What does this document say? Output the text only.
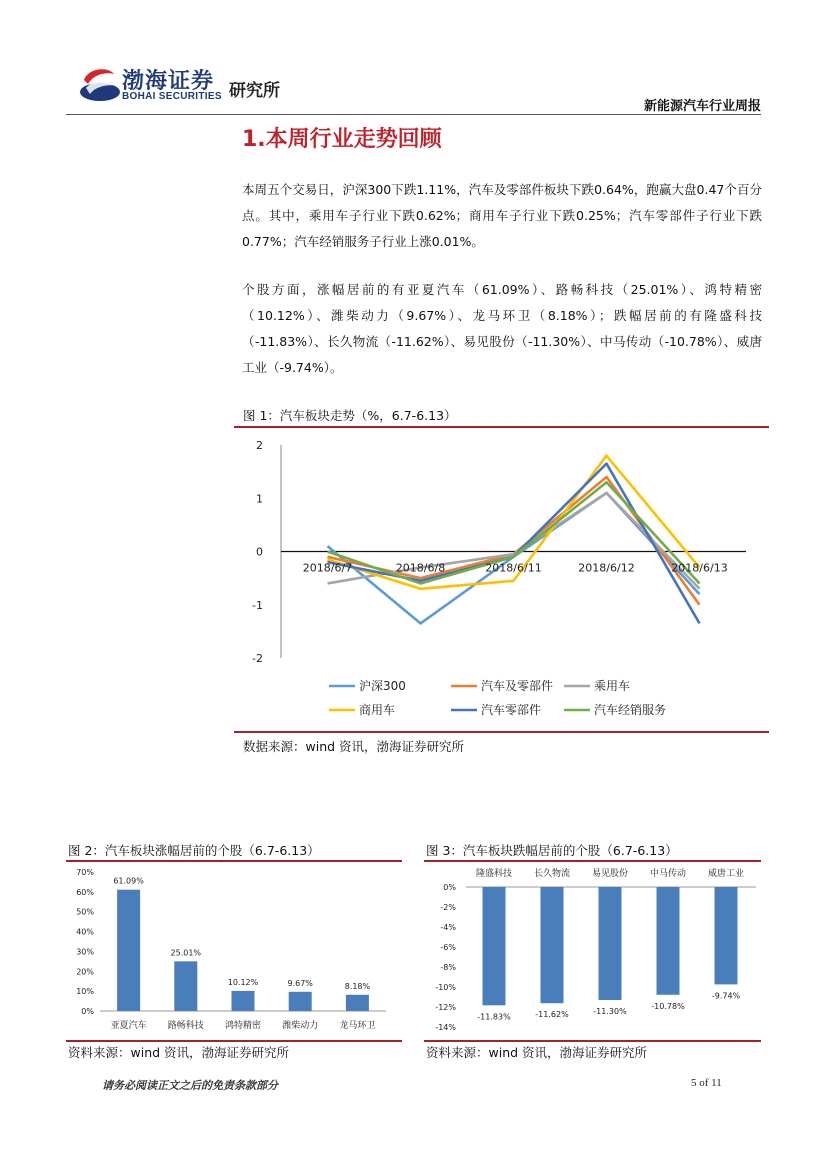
渤海证券
BOHAI SECURITIES 研究所
新能源汽车行业周报
1.本周行业走势回顾
本周五个交易日，沪深300下跌1.11%，汽车及零部件板块下跌0.64%，跑赢大盘0.47个百分点。其中，乘用车子行业下跌0.62%；商用车子行业下跌0.25%；汽车零部件子行业下跌0.77%；汽车经销服务子行业上涨0.01%。
个股方面，涨幅居前的有亚夏汽车（61.09%）、路畅科技（25.01%）、鸿特精密（10.12%）、潍柴动力（9.67%）、龙马环卫（8.18%）；跌幅居前的有隆盛科技（-11.83%）、长久物流（-11.62%）、易见股份（-11.30%）、中马传动（-10.78%）、威唐工业（-9.74%）。
图 1：汽车板块走势（%，6.7-6.13）
2
1
0
-1
-2
2018/6/7	2018/6/8	2018/6/11	2018/6/12	2018/6/13
沪深300	汽车及零部件	乘用车
商用车	汽车零部件	汽车经销服务
数据来源：wind 资讯，渤海证券研究所
图 2：汽车板块涨幅居前的个股（6.7-6.13）
70%
60%
50%
40%
30%
20%
10%
0%
61.09%
亚夏汽车
25.01%
路畅科技
10.12%
鸿特精密
9.67%
潍柴动力
8.18%
龙马环卫
资料来源：wind 资讯，渤海证券研究所
图 3：汽车板块跌幅居前的个股（6.7-6.13）
0%
-2%
-4%
-6%
-8%
-10%
-12%
-14%
-11.83%
隆盛科技
-11.62%
长久物流
-11.30%
易见股份
-10.78%
中马传动
-9.74%
威唐工业
资料来源：wind 资讯，渤海证券研究所
请务必阅读正文之后的免责条款部分	5 of 11
